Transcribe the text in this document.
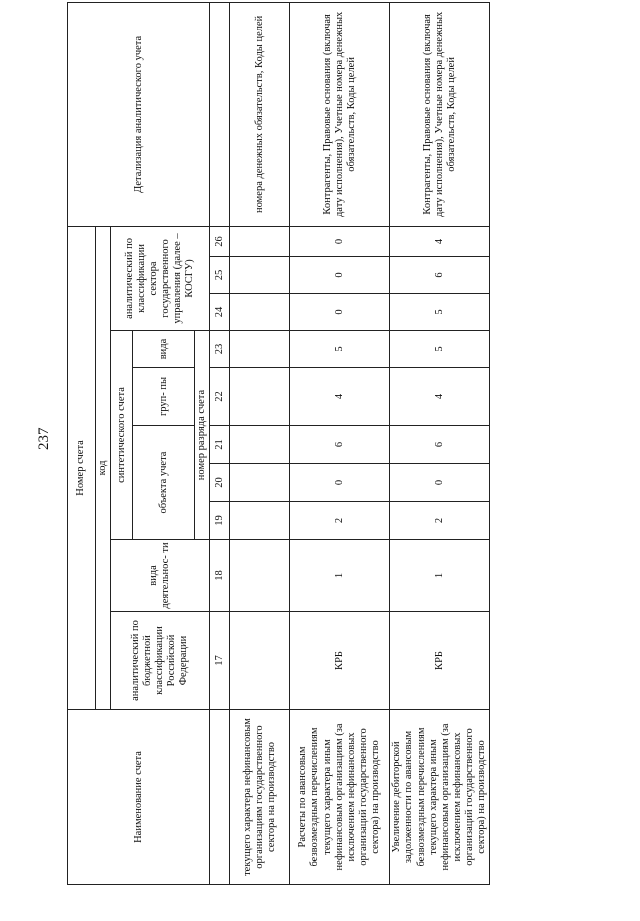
237
Наименование счета	Номер счета										Детализация аналитического учета
	код										
	аналитический по бюджетной классификации Российской Федерации	вида деятельнос- ти	синтетического счета					аналитический по классификации сектора государственного управления (далее – КОСГУ)			
			объекта учета			груп- пы	вида				
			номер разряда счета								
	17	18	19	20	21	22	23	24	25	26	
текущего характера нефинансовым организациям государственного сектора на производство											номера денежных обязательств, Коды целей
Расчеты по авансовым безвозмездным перечислениям текущего характера иным нефинансовым организациям (за исключением нефинансовых организаций государственного сектора) на производство	КРБ	1	2	0	6	4	5	0	0	0	Контрагенты, Правовые основания (включая дату исполнения), Учетные номера денежных обязательств, Коды целей
Увеличение дебиторской задолженности по авансовым безвозмездным перечислениям текущего характера иным нефинансовым организациям (за исключением нефинансовых организаций государственного сектора) на производство	КРБ	1	2	0	6	4	5	5	6	4	Контрагенты, Правовые основания (включая дату исполнения), Учетные номера денежных обязательств, Коды целей
